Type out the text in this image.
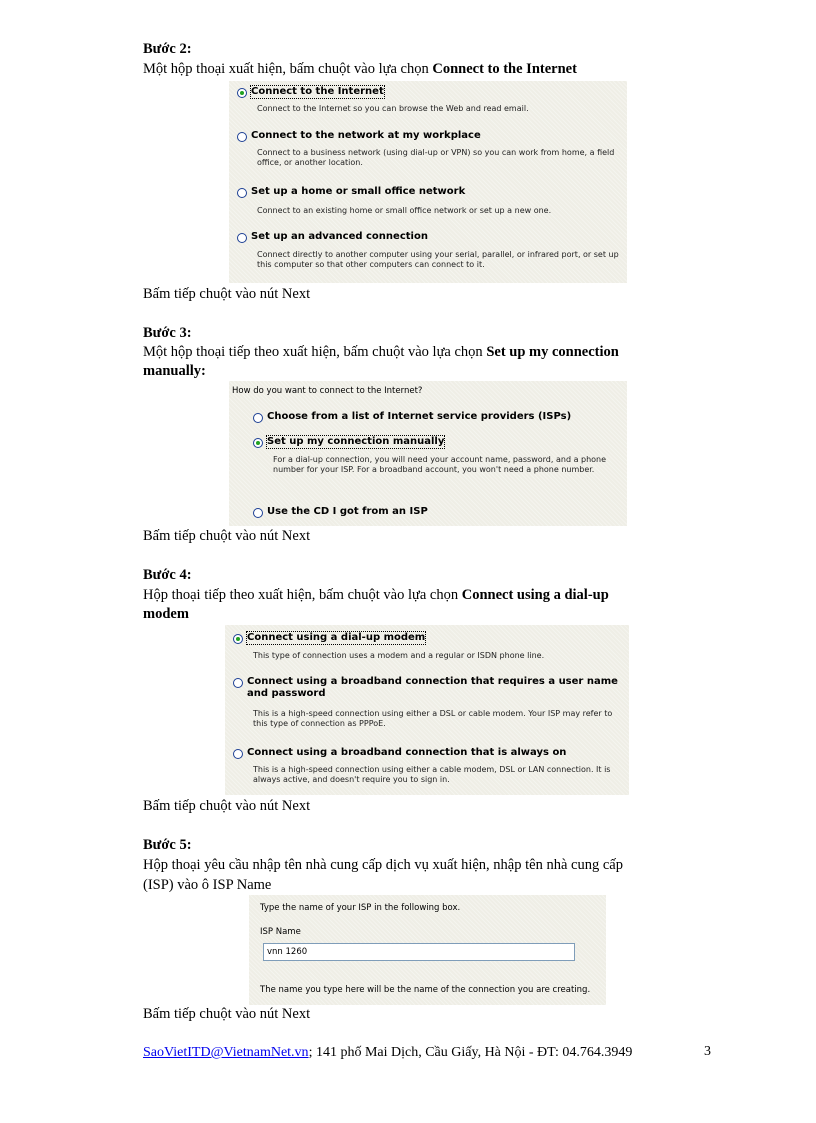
Bước 2:
Một hộp thoại xuất hiện, bấm chuột vào lựa chọn Connect to the Internet
Connect to the Internet
Connect to the Internet so you can browse the Web and read email.
Connect to the network at my workplace
Connect to a business network (using dial-up or VPN) so you can work from home, a field office, or another location.
Set up a home or small office network
Connect to an existing home or small office network or set up a new one.
Set up an advanced connection
Connect directly to another computer using your serial, parallel, or infrared port, or set up this computer so that other computers can connect to it.
Bấm tiếp chuột vào nút Next
Bước 3:
Một hộp thoại tiếp theo xuất hiện, bấm chuột vào lựa chọn Set up my connection
manually:
How do you want to connect to the Internet?
Choose from a list of Internet service providers (ISPs)
Set up my connection manually
For a dial-up connection, you will need your account name, password, and a phone number for your ISP. For a broadband account, you won't need a phone number.
Use the CD I got from an ISP
Bấm tiếp chuột vào nút Next
Bước 4:
Hộp thoại tiếp theo xuất hiện, bấm chuột vào lựa chọn Connect using a dial-up
modem
Connect using a dial-up modem
This type of connection uses a modem and a regular or ISDN phone line.
Connect using a broadband connection that requires a user name and password
This is a high-speed connection using either a DSL or cable modem. Your ISP may refer to this type of connection as PPPoE.
Connect using a broadband connection that is always on
This is a high-speed connection using either a cable modem, DSL or LAN connection. It is always active, and doesn't require you to sign in.
Bấm tiếp chuột vào nút Next
Bước 5:
Hộp thoại yêu cầu nhập tên nhà cung cấp dịch vụ xuất hiện, nhập tên nhà cung cấp
(ISP) vào ô ISP Name
Type the name of your ISP in the following box.
ISP Name
vnn 1260
The name you type here will be the name of the connection you are creating.
Bấm tiếp chuột vào nút Next
SaoVietITD@VietnamNet.vn; 141 phố Mai Dịch, Cầu Giấy, Hà Nội - ĐT: 04.764.3949	3
